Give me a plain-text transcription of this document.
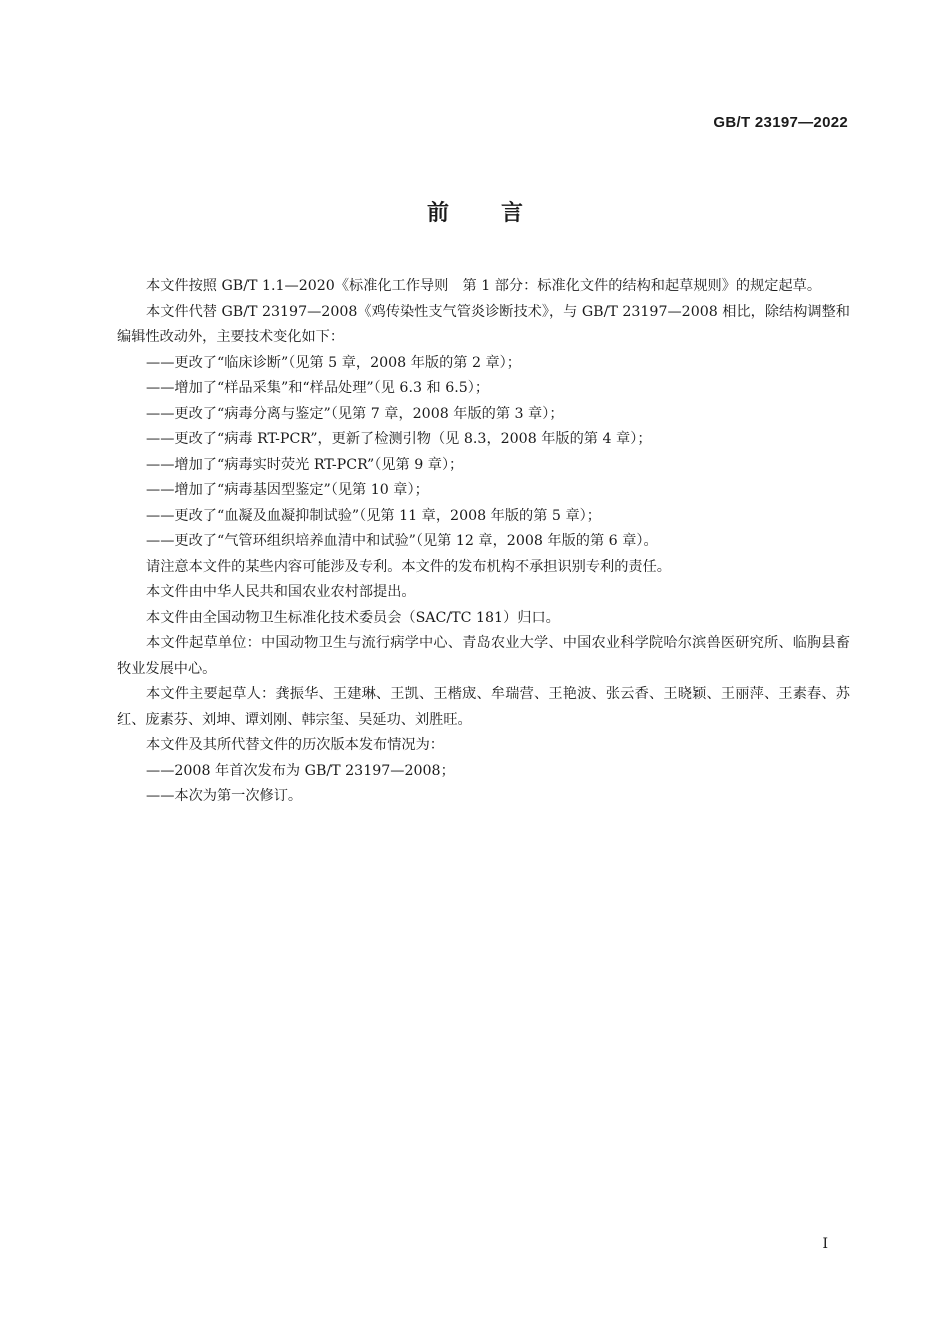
GB/T 23197—2022
前言

本文件按照 GB/T 1.1—2020《标准化工作导则　第 1 部分：标准化文件的结构和起草规则》的规定起草。

本文件代替 GB/T 23197—2008《鸡传染性支气管炎诊断技术》，与 GB/T 23197—2008 相比，除结构调整和编辑性改动外，主要技术变化如下：

——更改了“临床诊断”（见第 5 章，2008 年版的第 2 章）；

——增加了“样品采集”和“样品处理”（见 6.3 和 6.5）；

——更改了“病毒分离与鉴定”（见第 7 章，2008 年版的第 3 章）；

——更改了“病毒 RT-PCR”，更新了检测引物（见 8.3，2008 年版的第 4 章）；

——增加了“病毒实时荧光 RT-PCR”（见第 9 章）；

——增加了“病毒基因型鉴定”（见第 10 章）；

——更改了“血凝及血凝抑制试验”（见第 11 章，2008 年版的第 5 章）；

——更改了“气管环组织培养血清中和试验”（见第 12 章，2008 年版的第 6 章）。

请注意本文件的某些内容可能涉及专利。本文件的发布机构不承担识别专利的责任。

本文件由中华人民共和国农业农村部提出。

本文件由全国动物卫生标准化技术委员会（SAC/TC 181）归口。

本文件起草单位：中国动物卫生与流行病学中心、青岛农业大学、中国农业科学院哈尔滨兽医研究所、临朐县畜牧业发展中心。

本文件主要起草人：龚振华、王建琳、王凯、王楷宬、牟瑞营、王艳波、张云香、王晓颖、王丽萍、王素春、苏红、庞素芬、刘坤、谭刘刚、韩宗玺、吴延功、刘胜旺。

本文件及其所代替文件的历次版本发布情况为：

——2008 年首次发布为 GB/T 23197—2008；

——本次为第一次修订。

I
